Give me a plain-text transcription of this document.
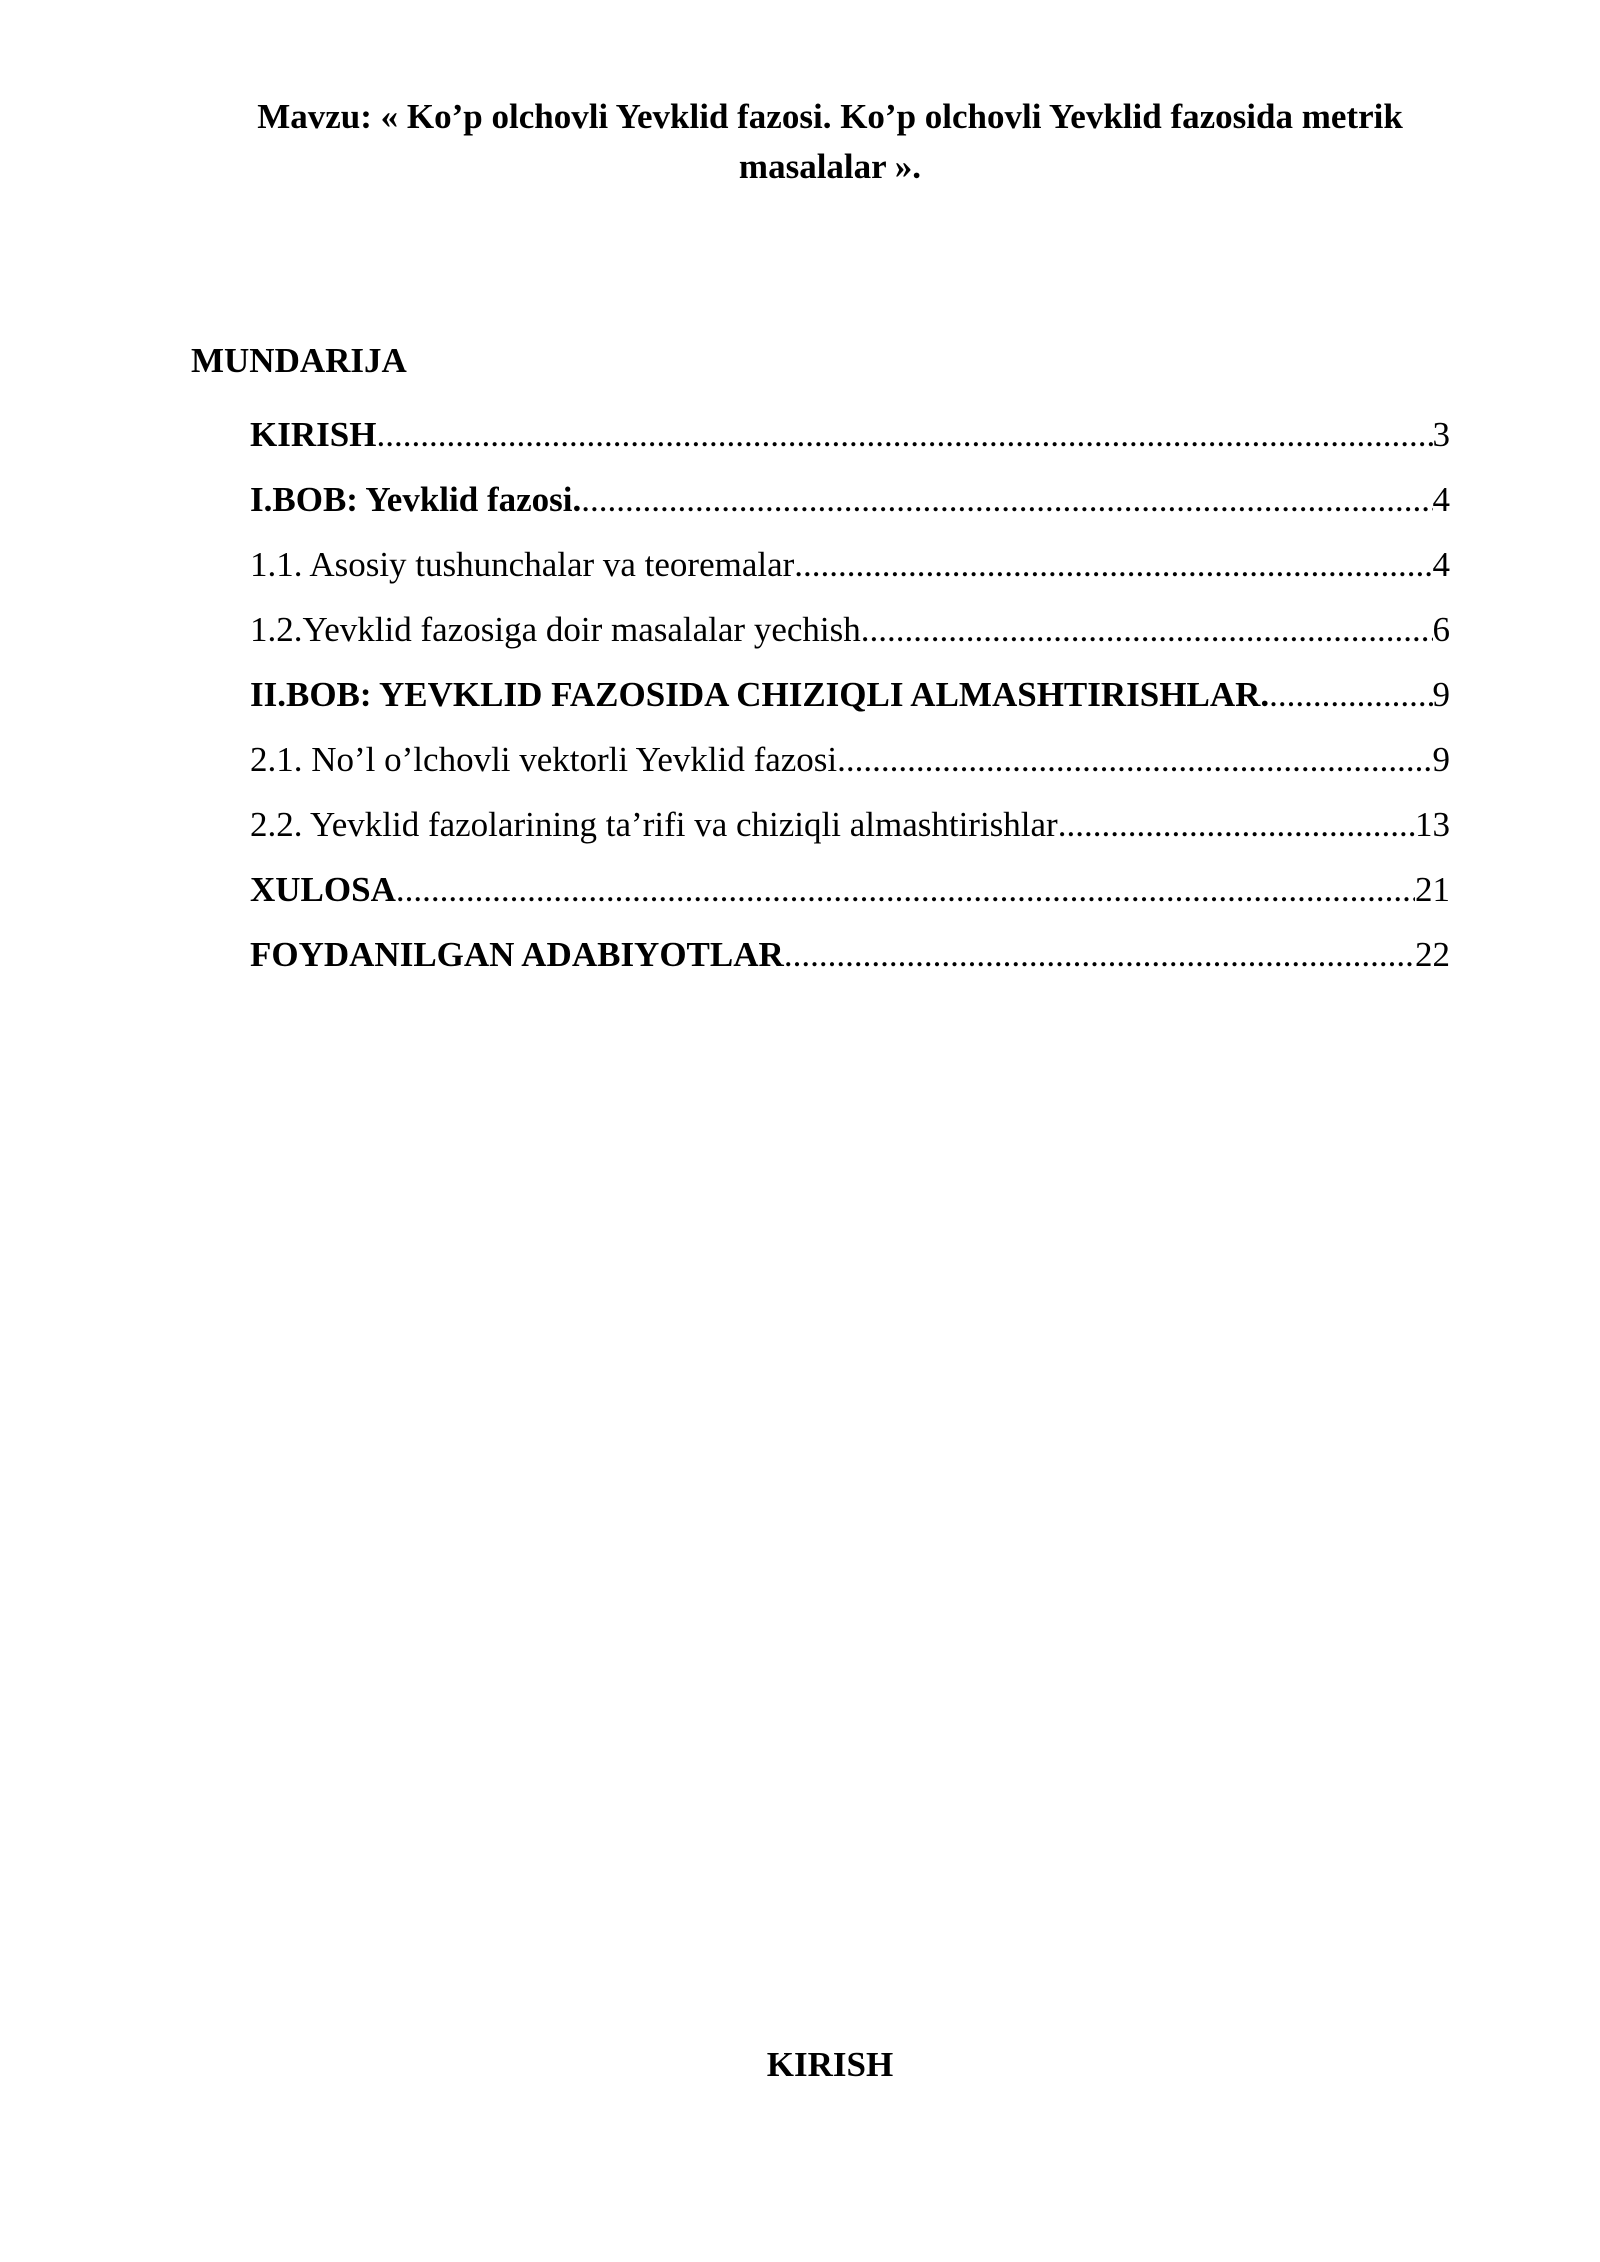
Mavzu: « Ko’p olchovli Yevklid fazosi. Ko’p olchovli Yevklid fazosida metrik masalalar ».
MUNDARIJA
KIRISH .....	3
I.BOB: Yevklid fazosi. .....	4
1.1. Asosiy tushunchalar va teoremalar .....	4
1.2.Yevklid fazosiga doir masalalar yechish .....	6
II.BOB: YEVKLID FAZOSIDA CHIZIQLI ALMASHTIRISHLAR. .....	9
2.1. No’l o’lchovli vektorli Yevklid fazosi. .....	9
2.2. Yevklid fazolarining ta’rifi va chiziqli almashtirishlar .....	13
XULOSA .....	21
FOYDANILGAN ADABIYOTLAR .....	22
KIRISH
